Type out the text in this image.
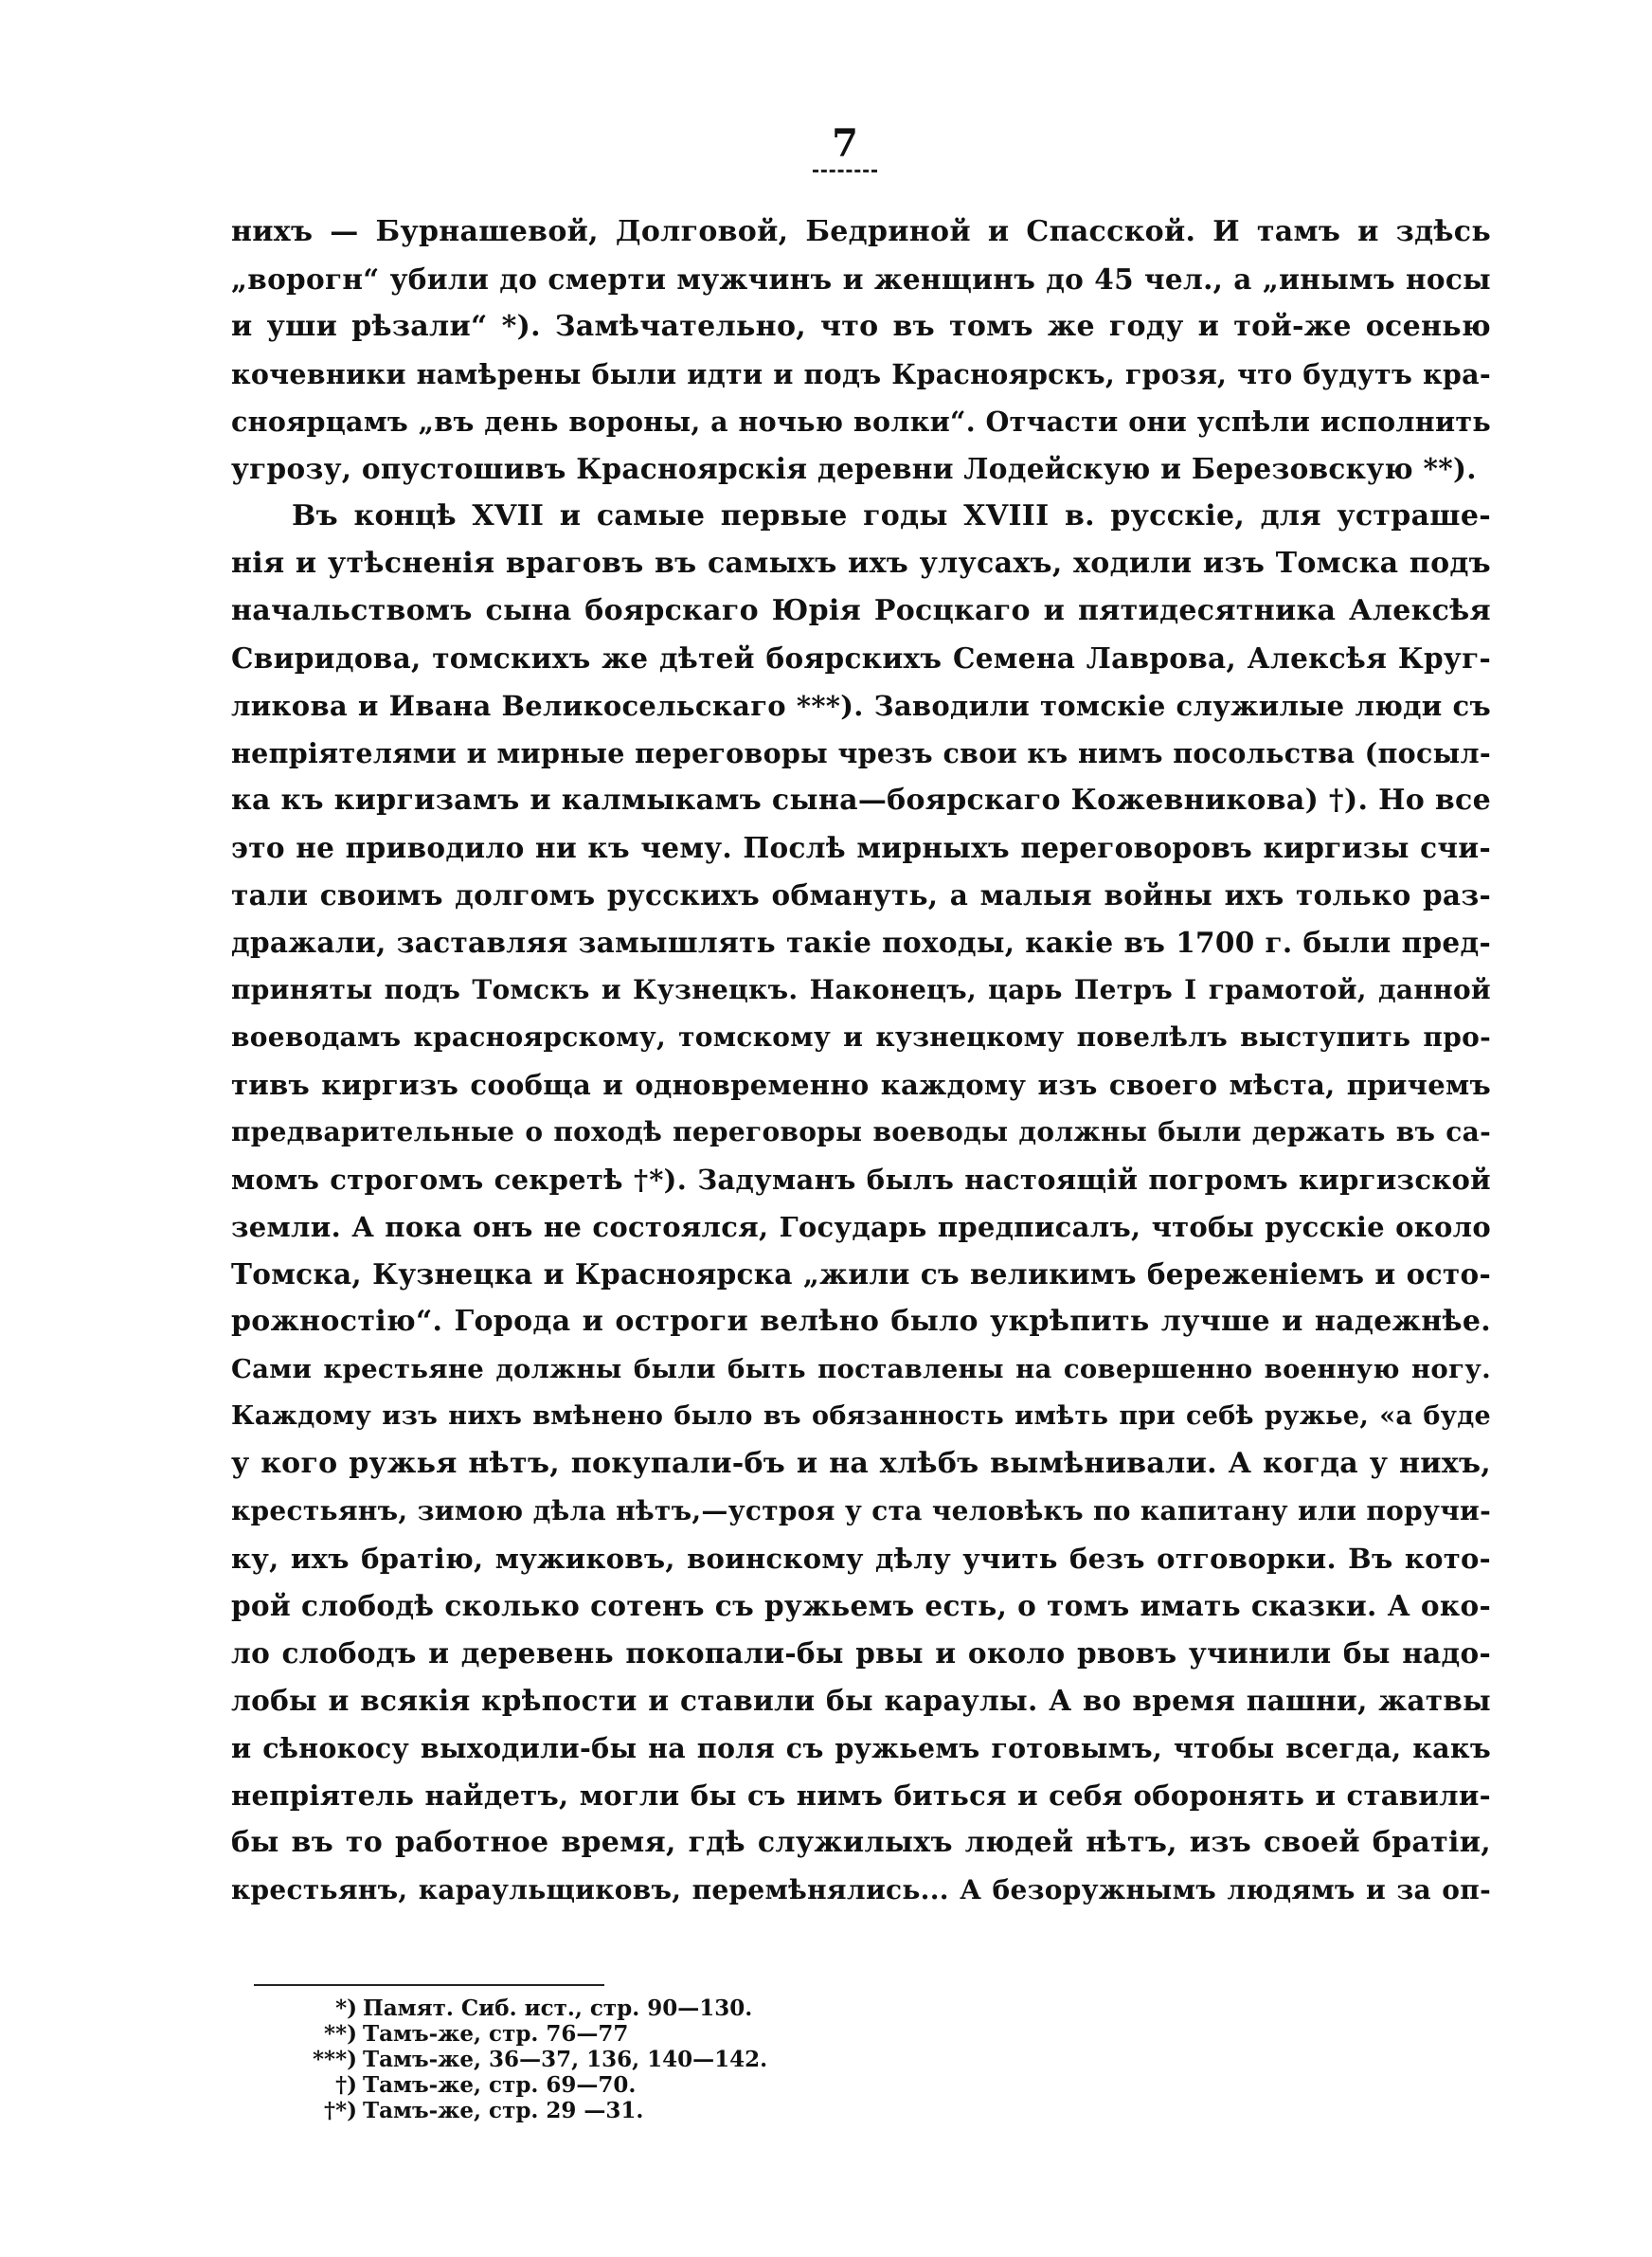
7
нихъ — Бурнашевой, Долговой, Бедриной и Спасской. И тамъ и здѣсь
„ворогн“ убили до смерти мужчинъ и женщинъ до 45 чел., а „инымъ носы
и уши рѣзали“ *). Замѣчательно, что въ томъ же году и той-же осенью
кочевники намѣрены были идти и подъ Красноярскъ, грозя, что будутъ кра-
сноярцамъ „въ день вороны, а ночью волки“. Отчасти они успѣли исполнить
угрозу, опустошивъ Красноярскія деревни Лодейскую и Березовскую **).
Въ концѣ XVII и самые первые годы XVIII в. русскіе, для устраше-
нія и утѣсненія враговъ въ самыхъ ихъ улусахъ, ходили изъ Томска подъ
начальствомъ сына боярскаго Юрія Росцкаго и пятидесятника Алексѣя
Свиридова, томскихъ же дѣтей боярскихъ Семена Лаврова, Алексѣя Круг-
ликова и Ивана Великосельскаго ***). Заводили томскіе служилые люди съ
непріятелями и мирные переговоры чрезъ свои къ нимъ посольства (посыл-
ка къ киргизамъ и калмыкамъ сына—боярскаго Кожевникова) †). Но все
это не приводило ни къ чему. Послѣ мирныхъ переговоровъ киргизы счи-
тали своимъ долгомъ русскихъ обмануть, а малыя войны ихъ только раз-
дражали, заставляя замышлять такіе походы, какіе въ 1700 г. были пред-
приняты подъ Томскъ и Кузнецкъ. Наконецъ, царь Петръ I грамотой, данной
воеводамъ красноярскому, томскому и кузнецкому повелѣлъ выступить про-
тивъ киргизъ сообща и одновременно каждому изъ своего мѣста, причемъ
предварительные о походѣ переговоры воеводы должны были держать въ са-
момъ строгомъ секретѣ †*). Задуманъ былъ настоящій погромъ киргизской
земли. А пока онъ не состоялся, Государь предписалъ, чтобы русскіе около
Томска, Кузнецка и Красноярска „жили съ великимъ береженіемъ и осто-
рожностію“. Города и остроги велѣно было укрѣпить лучше и надежнѣе.
Сами крестьяне должны были быть поставлены на совершенно военную ногу.
Каждому изъ нихъ вмѣнено было въ обязанность имѣть при себѣ ружье, «а буде
у кого ружья нѣтъ, покупали-бъ и на хлѣбъ вымѣнивали. А когда у нихъ,
крестьянъ, зимою дѣла нѣтъ,—устроя у ста человѣкъ по капитану или поручи-
ку, ихъ братію, мужиковъ, воинскому дѣлу учить безъ отговорки. Въ кото-
рой слободѣ сколько сотенъ съ ружьемъ есть, о томъ имать сказки. А око-
ло слободъ и деревень покопали-бы рвы и около рвовъ учинили бы надо-
лобы и всякія крѣпости и ставили бы караулы. А во время пашни, жатвы
и сѣнокосу выходили-бы на поля съ ружьемъ готовымъ, чтобы всегда, какъ
непріятель найдетъ, могли бы съ нимъ биться и себя оборонять и ставили-
бы въ то работное время, гдѣ служилыхъ людей нѣтъ, изъ своей братіи,
крестьянъ, караульщиковъ, перемѣнялись... А безоружнымъ людямъ и за оп-
*) Памят. Сиб. ист., стр. 90—130.
**) Тамъ-же, стр. 76—77
***) Тамъ-же, 36—37, 136, 140—142.
†) Тамъ-же, стр. 69—70.
†*) Тамъ-же, стр. 29 —31.
